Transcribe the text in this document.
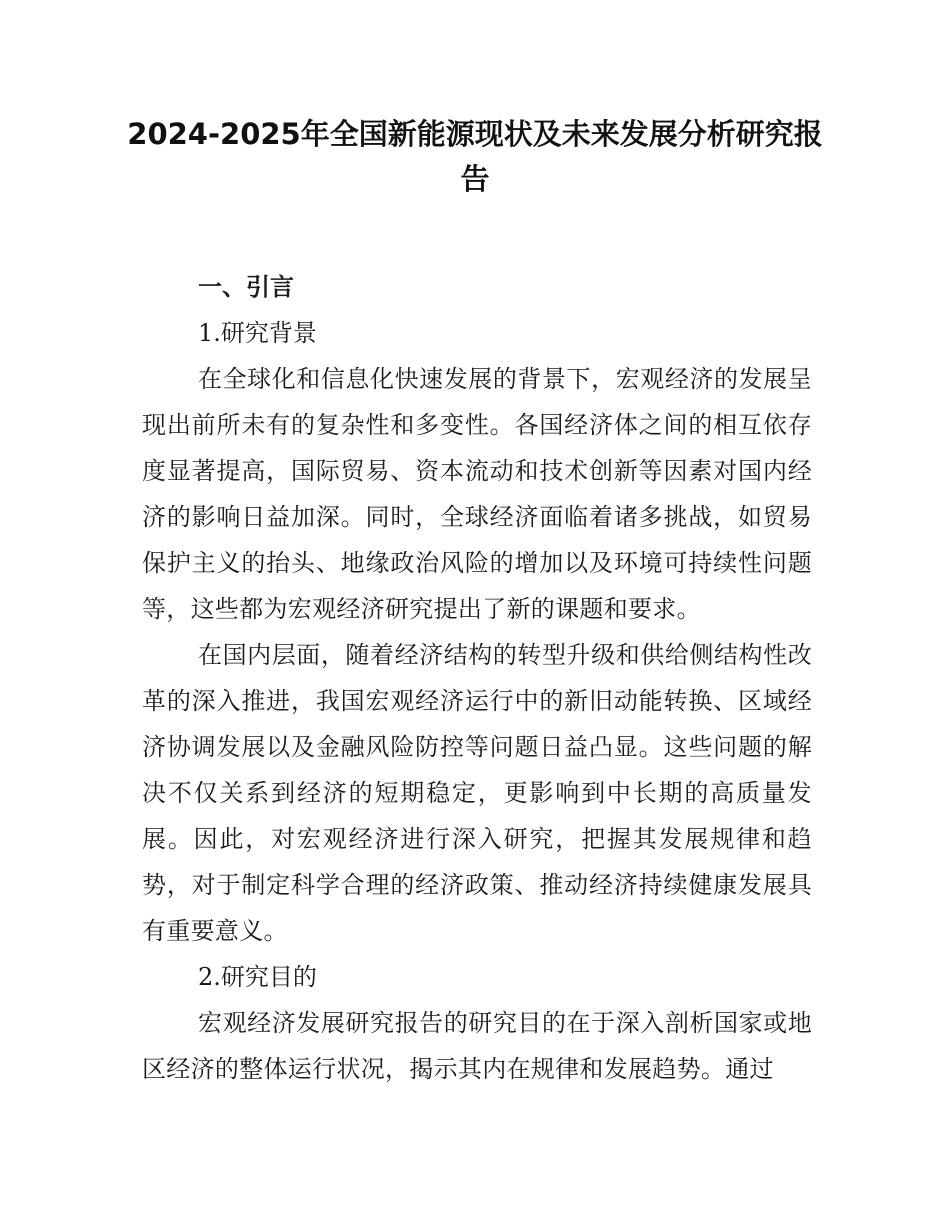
2024-2025年全国新能源现状及未来发展分析研究报告

一、引言

1.研究背景

在全球化和信息化快速发展的背景下，宏观经济的发展呈现出前所未有的复杂性和多变性。各国经济体之间的相互依存度显著提高，国际贸易、资本流动和技术创新等因素对国内经济的影响日益加深。同时，全球经济面临着诸多挑战，如贸易保护主义的抬头、地缘政治风险的增加以及环境可持续性问题等，这些都为宏观经济研究提出了新的课题和要求。

在国内层面，随着经济结构的转型升级和供给侧结构性改革的深入推进，我国宏观经济运行中的新旧动能转换、区域经济协调发展以及金融风险防控等问题日益凸显。这些问题的解决不仅关系到经济的短期稳定，更影响到中长期的高质量发展。因此，对宏观经济进行深入研究，把握其发展规律和趋势，对于制定科学合理的经济政策、推动经济持续健康发展具有重要意义。

2.研究目的

宏观经济发展研究报告的研究目的在于深入剖析国家或地区经济的整体运行状况，揭示其内在规律和发展趋势。通过
